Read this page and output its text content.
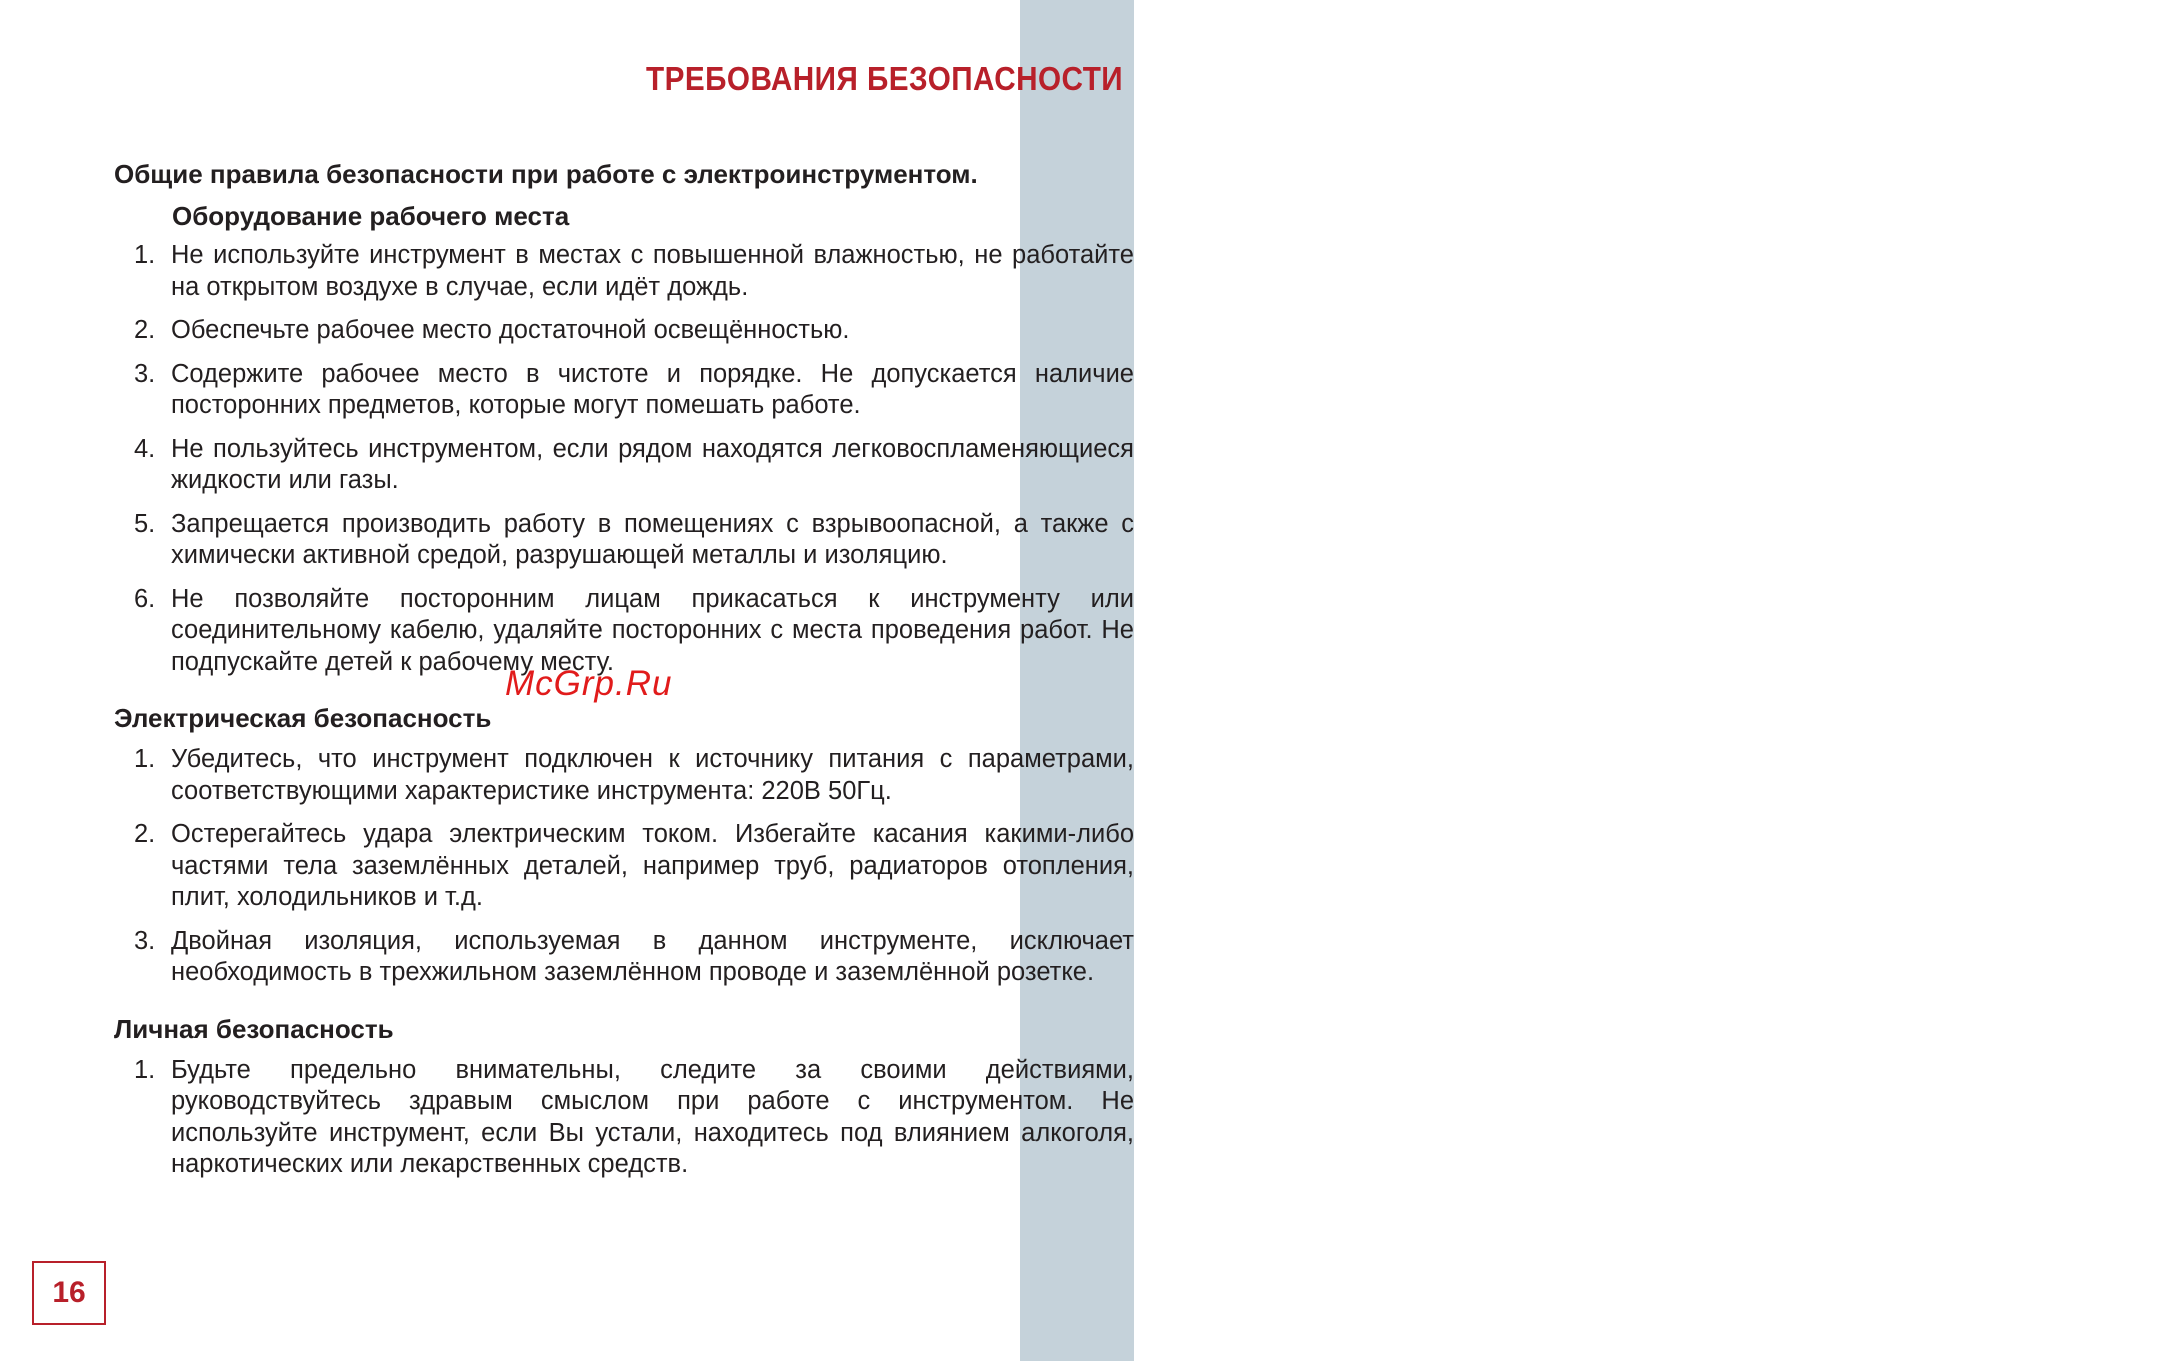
СОРОКИН
ИНСТРУМЕНТЫ НА ВРЕМЕНА
ТРЕБОВАНИЯ БЕЗОПАСНОСТИ
Общие правила безопасности при работе с электроинструментом.
Оборудование рабочего места
1. Не используйте инструмент в местах с повышенной влажностью, не работайте на открытом воздухе в случае, если идёт дождь.
2. Обеспечьте рабочее место достаточной освещённостью.
3. Содержите рабочее место в чистоте и порядке. Не допускается наличие посторонних предметов, которые могут помешать работе.
4. Не пользуйтесь инструментом, если рядом находятся легковоспламеняющиеся жидкости или газы.
5. Запрещается производить работу в помещениях с взрывоопасной, а также с химически активной средой, разрушающей металлы и изоляцию.
6. Не позволяйте посторонним лицам прикасаться к инструменту или соединительному кабелю, удаляйте посторонних с места проведения работ. Не подпускайте детей к рабочему месту.
Электрическая безопасность
1. Убедитесь, что инструмент подключен к источнику питания с параметрами, соответствующими характеристике инструмента: 220В 50Гц.
2. Остерегайтесь удара электрическим током. Избегайте касания какими-либо частями тела заземлённых деталей, например труб, радиаторов отопления, плит, холодильников и т.д.
3. Двойная изоляция, используемая в данном инструменте, исключает необходимость в трехжильном заземлённом проводе и заземлённой розетке.
Личная безопасность
1. Будьте предельно внимательны, следите за своими действиями, руководствуйтесь здравым смыслом при работе с инструментом. Не используйте инструмент, если Вы устали, находитесь под влиянием алкоголя, наркотических или лекарственных средств.
McGrp.Ru
16
